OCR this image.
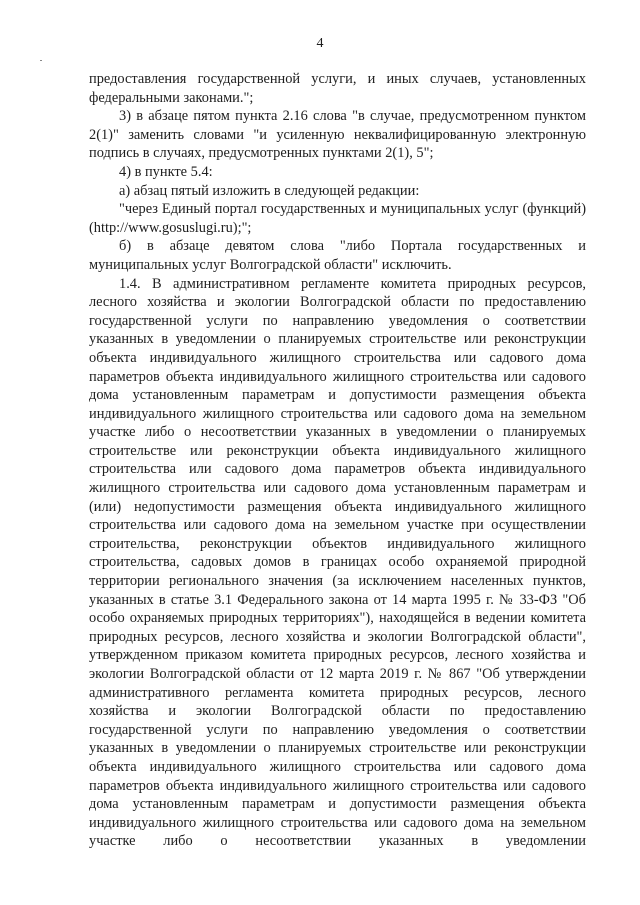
4

предоставления государственной услуги, и иных случаев, установленных федеральными законами.";

3) в абзаце пятом пункта 2.16 слова "в случае, предусмотренном пунктом 2(1)" заменить словами "и усиленную неквалифицированную электронную подпись в случаях, предусмотренных пунктами 2(1), 5";

4) в пункте 5.4:

а) абзац пятый изложить в следующей редакции:

"через Единый портал государственных и муниципальных услуг (функций) (http://www.gosuslugi.ru);";

б) в абзаце девятом слова "либо Портала государственных и муниципальных услуг Волгоградской области" исключить.

1.4. В административном регламенте комитета природных ресурсов, лесного хозяйства и экологии Волгоградской области по предоставлению государственной услуги по направлению уведомления о соответствии указанных в уведомлении о планируемых строительстве или реконструкции объекта индивидуального жилищного строительства или садового дома параметров объекта индивидуального жилищного строительства или садового дома установленным параметрам и допустимости размещения объекта индивидуального жилищного строительства или садового дома на земельном участке либо о несоответствии указанных в уведомлении о планируемых строительстве или реконструкции объекта индивидуального жилищного строительства или садового дома параметров объекта индивидуального жилищного строительства или садового дома установленным параметрам и (или) недопустимости размещения объекта индивидуального жилищного строительства или садового дома на земельном участке при осуществлении строительства, реконструкции объектов индивидуального жилищного строительства, садовых домов в границах особо охраняемой природной территории регионального значения (за исключением населенных пунктов, указанных в статье 3.1 Федерального закона от 14 марта 1995 г. № 33-ФЗ "Об особо охраняемых природных территориях"), находящейся в ведении комитета природных ресурсов, лесного хозяйства и экологии Волгоградской области", утвержденном приказом комитета природных ресурсов, лесного хозяйства и экологии Волгоградской области от 12 марта 2019 г. № 867 "Об утверждении административного регламента комитета природных ресурсов, лесного хозяйства и экологии Волгоградской области по предоставлению государственной услуги по направлению уведомления о соответствии указанных в уведомлении о планируемых строительстве или реконструкции объекта индивидуального жилищного строительства или садового дома параметров объекта индивидуального жилищного строительства или садового дома установленным параметрам и допустимости размещения объекта индивидуального жилищного строительства или садового дома на земельном участке либо о несоответствии указанных в уведомлении
